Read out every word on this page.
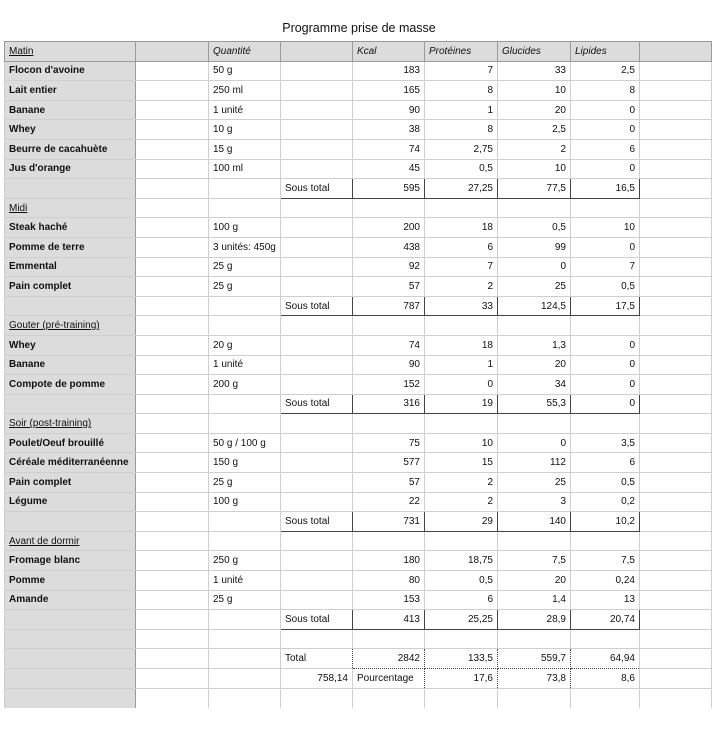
Programme prise de masse
Matin		Quantité		Kcal	Protéines	Glucides	Lipides	
Flocon d'avoine		50 g		183	7	33	2,5	
Lait entier		250 ml		165	8	10	8	
Banane		1 unité		90	1	20	0	
Whey		10 g		38	8	2,5	0	
Beurre de cacahuète		15 g		74	2,75	2	6	
Jus d'orange		100 ml		45	0,5	10	0	
			Sous total	595	27,25	77,5	16,5	
Midi								
Steak haché		100 g		200	18	0,5	10	
Pomme de terre		3 unités: 450g		438	6	99	0	
Emmental		25 g		92	7	0	7	
Pain complet		25 g		57	2	25	0,5	
			Sous total	787	33	124,5	17,5	
Gouter (pré-training)								
Whey		20 g		74	18	1,3	0	
Banane		1 unité		90	1	20	0	
Compote de pomme		200 g		152	0	34	0	
			Sous total	316	19	55,3	0	
Soir (post-training)								
Poulet/Oeuf brouillé		50 g / 100 g		75	10	0	3,5	
Céréale méditerranéenne		150 g		577	15	112	6	
Pain complet		25 g		57	2	25	0,5	
Légume		100 g		22	2	3	0,2	
			Sous total	731	29	140	10,2	
Avant de dormir								
Fromage blanc		250 g		180	18,75	7,5	7,5	
Pomme		1 unité		80	0,5	20	0,24	
Amande		25 g		153	6	1,4	13	
			Sous total	413	25,25	28,9	20,74	

			Total	2842	133,5	559,7	64,94	
			758,14	Pourcentage	17,6	73,8	8,6	
